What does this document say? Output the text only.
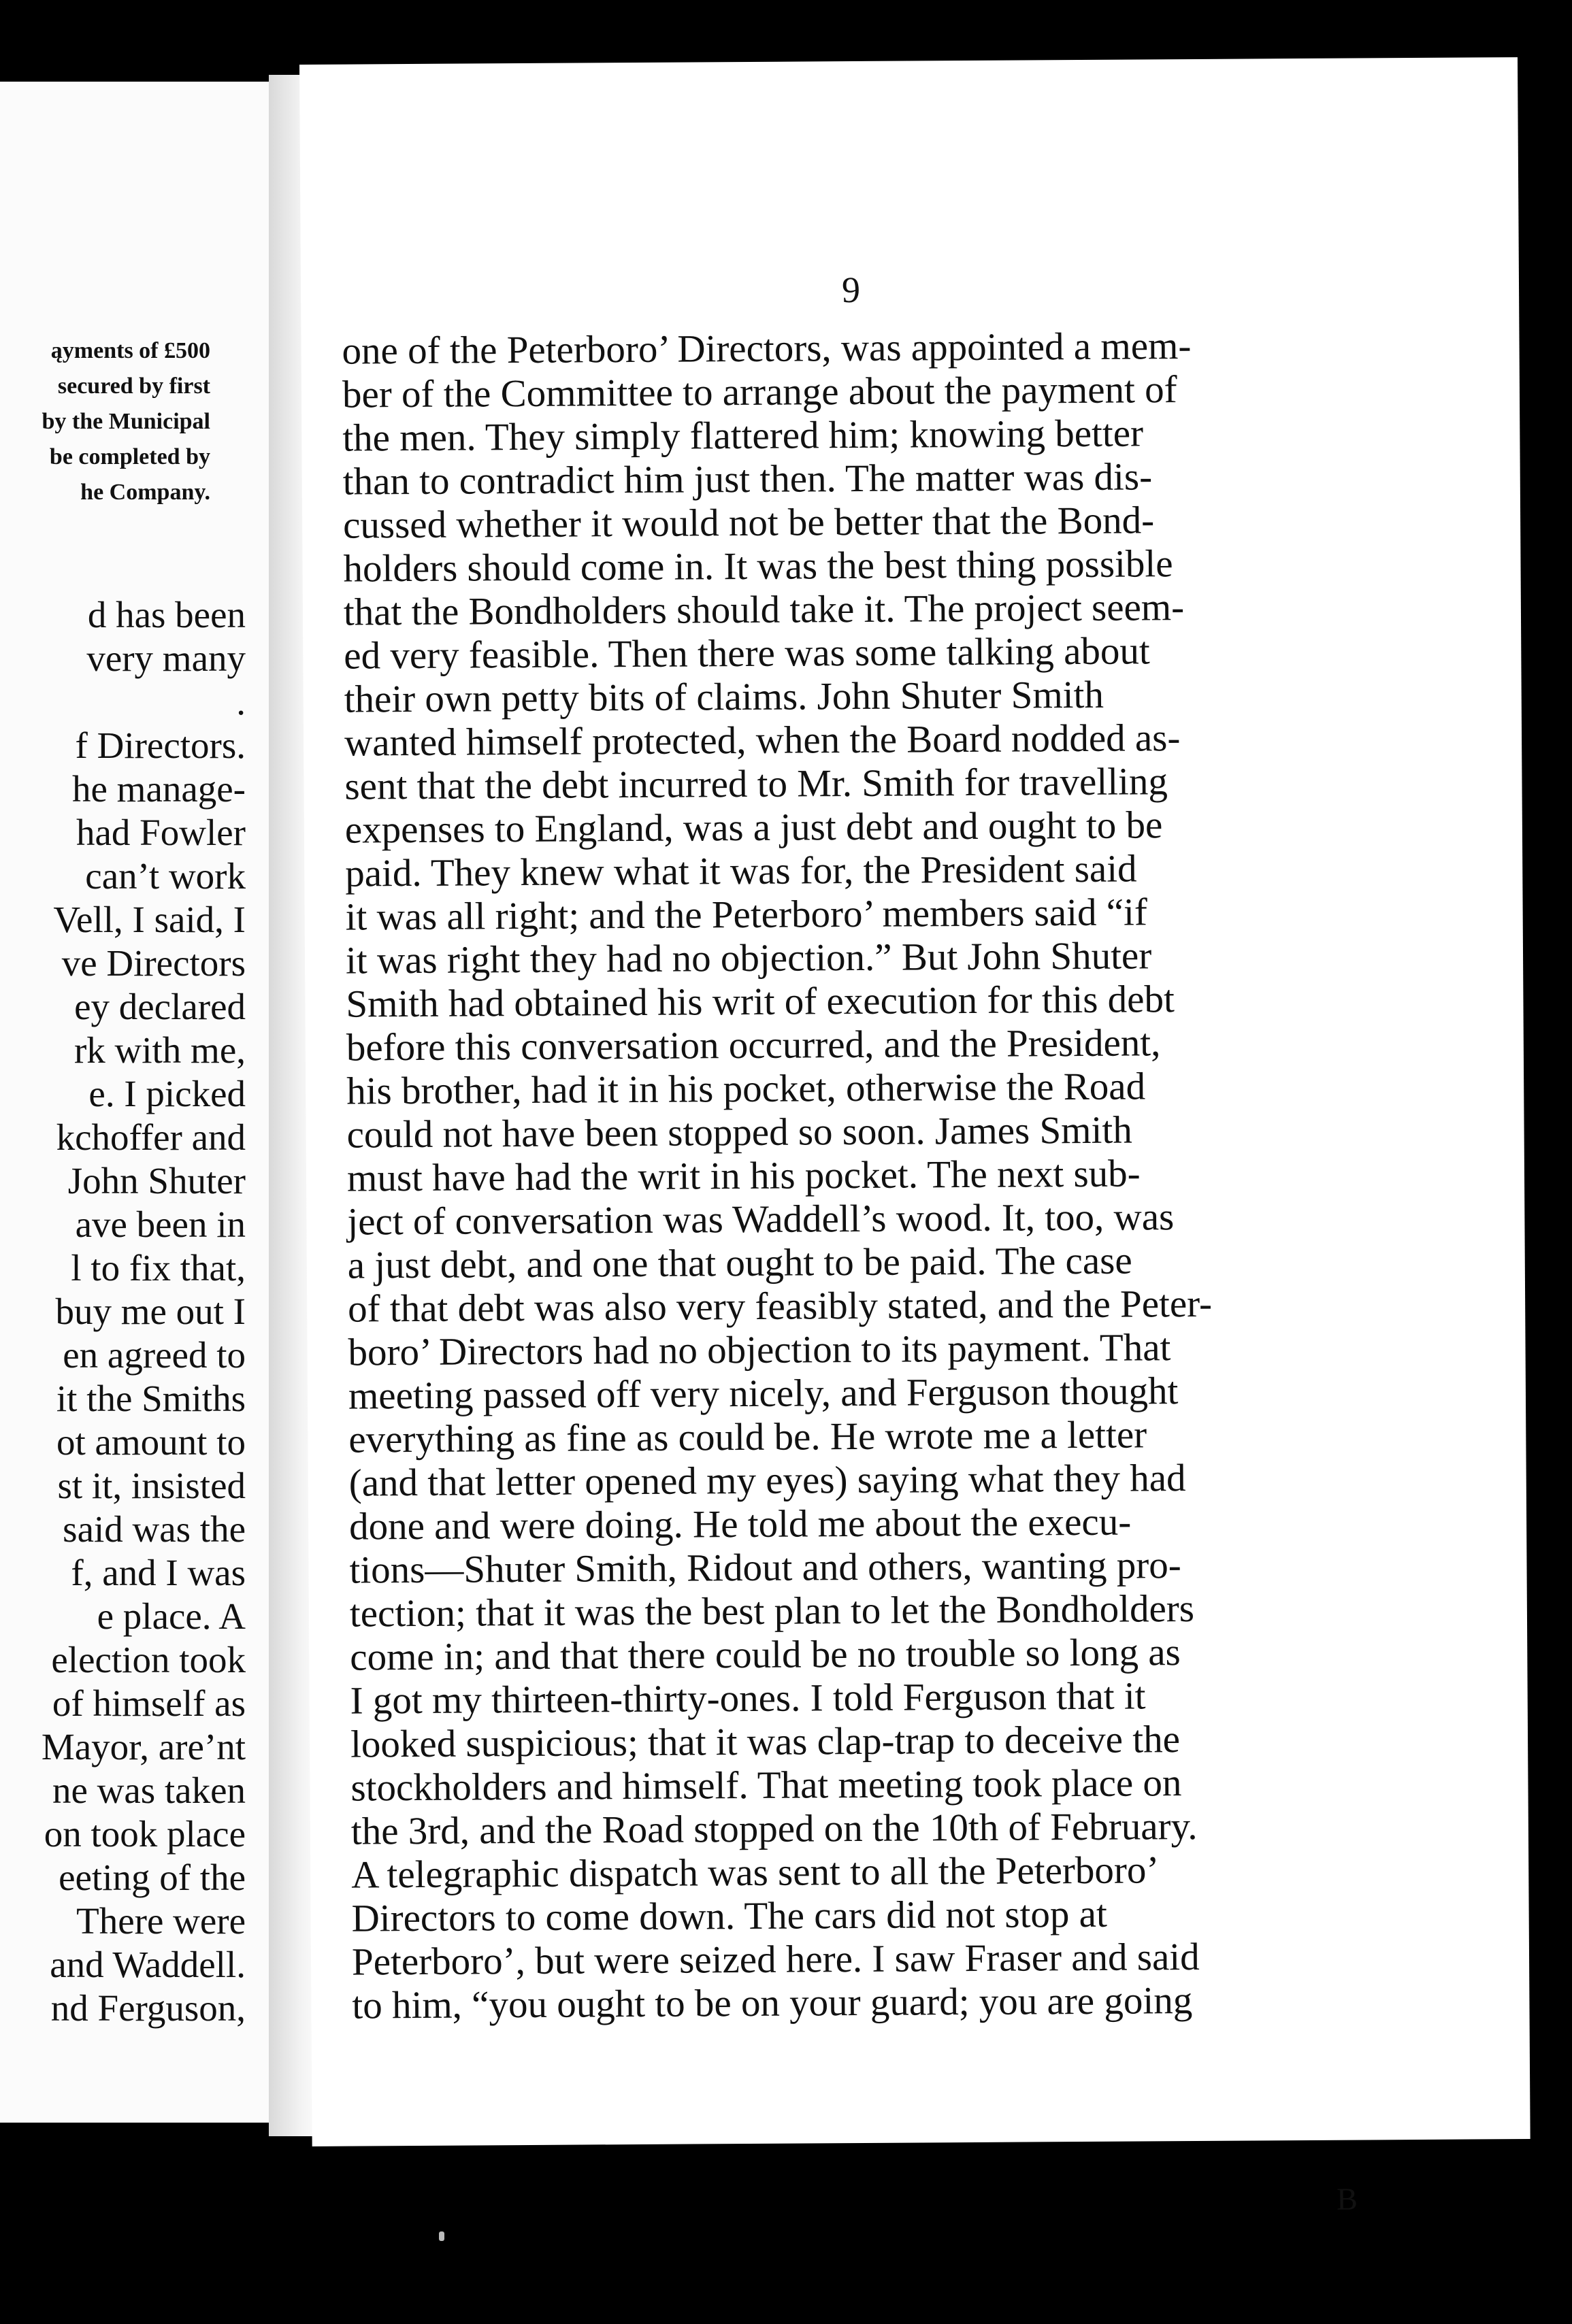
ąyments of £500
secured by first
by the Municipal
be completed by
he Company.
d has been
very many
.
f Directors.
he manage-
had Fowler
can’t work
Vell, I said, I
ve Directors
ey declared
rk with me,
e. I picked
kchoffer and
John Shuter
ave been in
l to fix that,
buy me out I
en agreed to
it the Smiths
ot amount to
st it, insisted
said was the
f, and I was
e place. A
election took
of himself as
Mayor, are’nt
ne was taken
on took place
eeting of the
There were
and Waddell.
nd Ferguson,
9
one of the Peterboro’ Directors, was appointed a mem-
ber of the Committee to arrange about the payment of
the men. They simply flattered him; knowing better
than to contradict him just then. The matter was dis-
cussed whether it would not be better that the Bond-
holders should come in. It was the best thing possible
that the Bondholders should take it. The project seem-
ed very feasible. Then there was some talking about
their own petty bits of claims. John Shuter Smith
wanted himself protected, when the Board nodded as-
sent that the debt incurred to Mr. Smith for travelling
expenses to England, was a just debt and ought to be
paid. They knew what it was for, the President said
it was all right; and the Peterboro’ members said “if
it was right they had no objection.” But John Shuter
Smith had obtained his writ of execution for this debt
before this conversation occurred, and the President,
his brother, had it in his pocket, otherwise the Road
could not have been stopped so soon. James Smith
must have had the writ in his pocket. The next sub-
ject of conversation was Waddell’s wood. It, too, was
a just debt, and one that ought to be paid. The case
of that debt was also very feasibly stated, and the Peter-
boro’ Directors had no objection to its payment. That
meeting passed off very nicely, and Ferguson thought
everything as fine as could be. He wrote me a letter
(and that letter opened my eyes) saying what they had
done and were doing. He told me about the execu-
tions—Shuter Smith, Ridout and others, wanting pro-
tection; that it was the best plan to let the Bondholders
come in; and that there could be no trouble so long as
I got my thirteen-thirty-ones. I told Ferguson that it
looked suspicious; that it was clap-trap to deceive the
stockholders and himself. That meeting took place on
the 3rd, and the Road stopped on the 10th of February.
A telegraphic dispatch was sent to all the Peterboro’
Directors to come down. The cars did not stop at
Peterboro’, but were seized here. I saw Fraser and said
to him, “you ought to be on your guard; you are going
B
